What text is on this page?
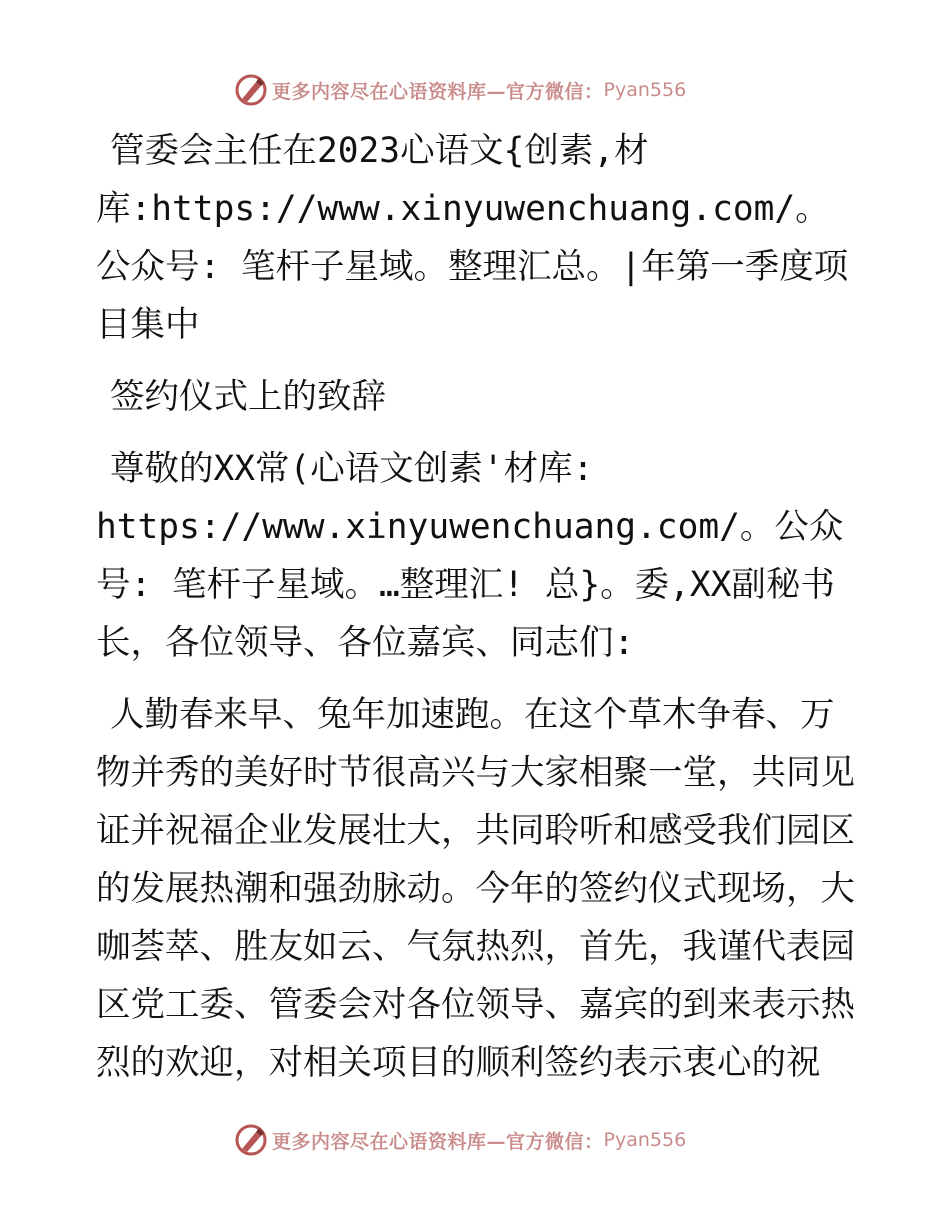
更多内容尽在心语资料库—官方微信： Pyan556

管委会主任在2023心语文{创素,材库:https://www.xinyuwenchuang.com/。公众号: 笔杆子星域。整理汇总。|年第一季度项目集中

签约仪式上的致辞

尊敬的XX常(心语文创素'材库: https://www.xinyuwenchuang.com/。公众号: 笔杆子星域。…整理汇! 总}。委,XX副秘书长，各位领导、各位嘉宾、同志们:

人勤春来早、兔年加速跑。在这个草木争春、万物并秀的美好时节很高兴与大家相聚一堂，共同见证并祝福企业发展壮大，共同聆听和感受我们园区的发展热潮和强劲脉动。今年的签约仪式现场，大咖荟萃、胜友如云、气氛热烈，首先，我谨代表园区党工委、管委会对各位领导、嘉宾的到来表示热烈的欢迎，对相关项目的顺利签约表示衷心的祝

更多内容尽在心语资料库—官方微信： Pyan556
